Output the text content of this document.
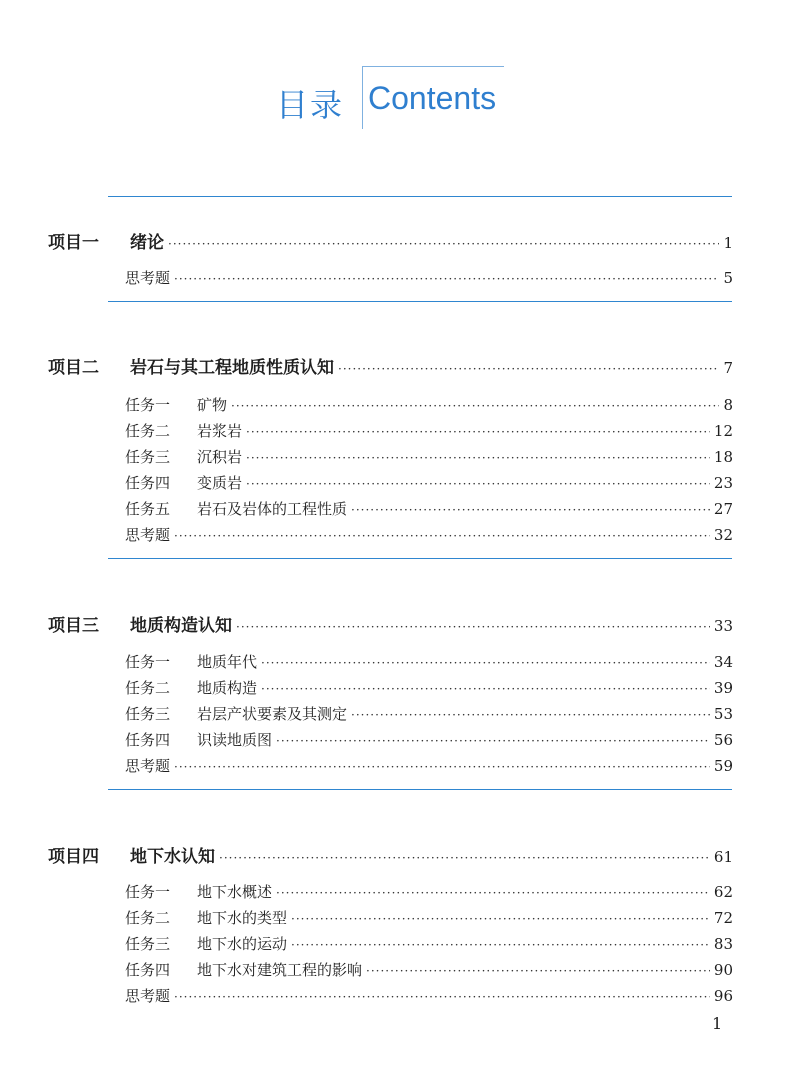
目录 Contents
项目一	绪论 ·····	1
思考题 ·····	5
项目二	岩石与其工程地质性质认知 ·····	7
任务一	矿物 ·····	8
任务二	岩浆岩 ·····	12
任务三	沉积岩 ·····	18
任务四	变质岩 ·····	23
任务五	岩石及岩体的工程性质 ·····	27
思考题 ·····	32
项目三	地质构造认知 ·····	33
任务一	地质年代 ·····	34
任务二	地质构造 ·····	39
任务三	岩层产状要素及其测定 ·····	53
任务四	识读地质图 ·····	56
思考题 ·····	59
项目四	地下水认知 ·····	61
任务一	地下水概述 ·····	62
任务二	地下水的类型 ·····	72
任务三	地下水的运动 ·····	83
任务四	地下水对建筑工程的影响 ·····	90
思考题 ·····	96
1
